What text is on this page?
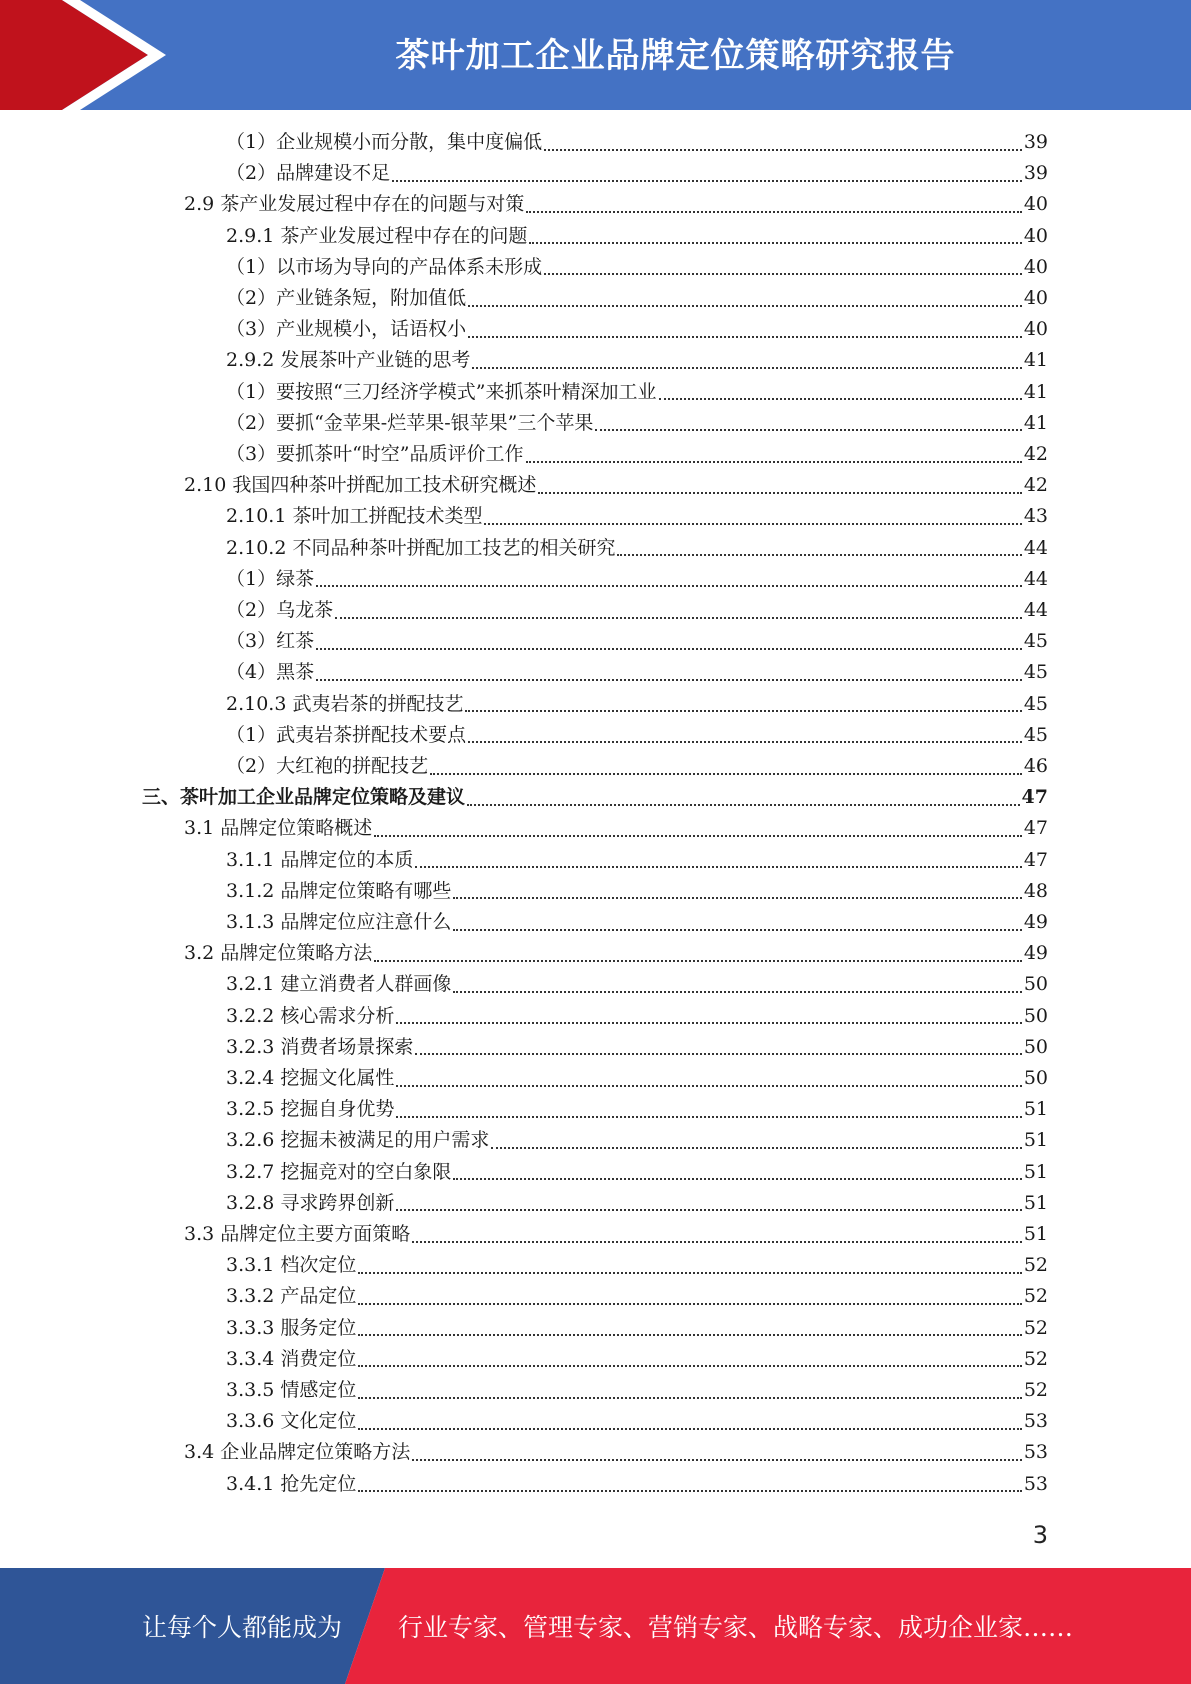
茶叶加工企业品牌定位策略研究报告
（1）企业规模小而分散，集中度偏低	39
（2）品牌建设不足	39
2.9 茶产业发展过程中存在的问题与对策	40
2.9.1 茶产业发展过程中存在的问题	40
（1）以市场为导向的产品体系未形成	40
（2）产业链条短，附加值低	40
（3）产业规模小，话语权小	40
2.9.2 发展茶叶产业链的思考	41
（1）要按照“三刀经济学模式”来抓茶叶精深加工业	41
（2）要抓“金苹果-烂苹果-银苹果”三个苹果	41
（3）要抓茶叶“时空”品质评价工作	42
2.10 我国四种茶叶拼配加工技术研究概述	42
2.10.1 茶叶加工拼配技术类型	43
2.10.2 不同品种茶叶拼配加工技艺的相关研究	44
（1）绿茶	44
（2）乌龙茶	44
（3）红茶	45
（4）黑茶	45
2.10.3 武夷岩茶的拼配技艺	45
（1）武夷岩茶拼配技术要点	45
（2）大红袍的拼配技艺	46
三、茶叶加工企业品牌定位策略及建议	47
3.1 品牌定位策略概述	47
3.1.1 品牌定位的本质	47
3.1.2 品牌定位策略有哪些	48
3.1.3 品牌定位应注意什么	49
3.2 品牌定位策略方法	49
3.2.1 建立消费者人群画像	50
3.2.2 核心需求分析	50
3.2.3 消费者场景探索	50
3.2.4 挖掘文化属性	50
3.2.5 挖掘自身优势	51
3.2.6 挖掘未被满足的用户需求	51
3.2.7 挖掘竞对的空白象限	51
3.2.8 寻求跨界创新	51
3.3 品牌定位主要方面策略	51
3.3.1 档次定位	52
3.3.2 产品定位	52
3.3.3 服务定位	52
3.3.4 消费定位	52
3.3.5 情感定位	52
3.3.6 文化定位	53
3.4 企业品牌定位策略方法	53
3.4.1 抢先定位	53
3
让每个人都能成为 行业专家、管理专家、营销专家、战略专家、成功企业家……
